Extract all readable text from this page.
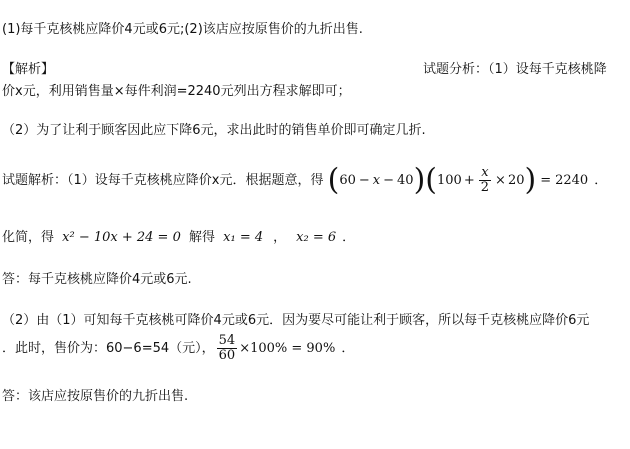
(1)每千克核桃应降价4元或6元;(2)该店应按原售价的九折出售.
【解析】	试题分析：（1）设每千克核桃降
价x元，利用销售量×每件利润=2240元列出方程求解即可；
（2）为了让利于顾客因此应下降6元，求出此时的销售单价即可确定几折.
试题解析：（1）设每千克核桃应降价x元．根据题意，得 $(60 - x - 40)(100 + \frac{x}{2} \times 20) = 2240$ ．
化简，得 x² − 10x + 24 = 0 解得 x₁ = 4 ， x₂ = 6 ．
答：每千克核桃应降价4元或6元.
（2）由（1）可知每千克核桃可降价4元或6元．因为要尽可能让利于顾客，所以每千克核桃应降价6元
．此时，售价为：60−6=54（元）， $\frac{54}{60} \times 100\% = 90\%$ ．
答：该店应按原售价的九折出售.
